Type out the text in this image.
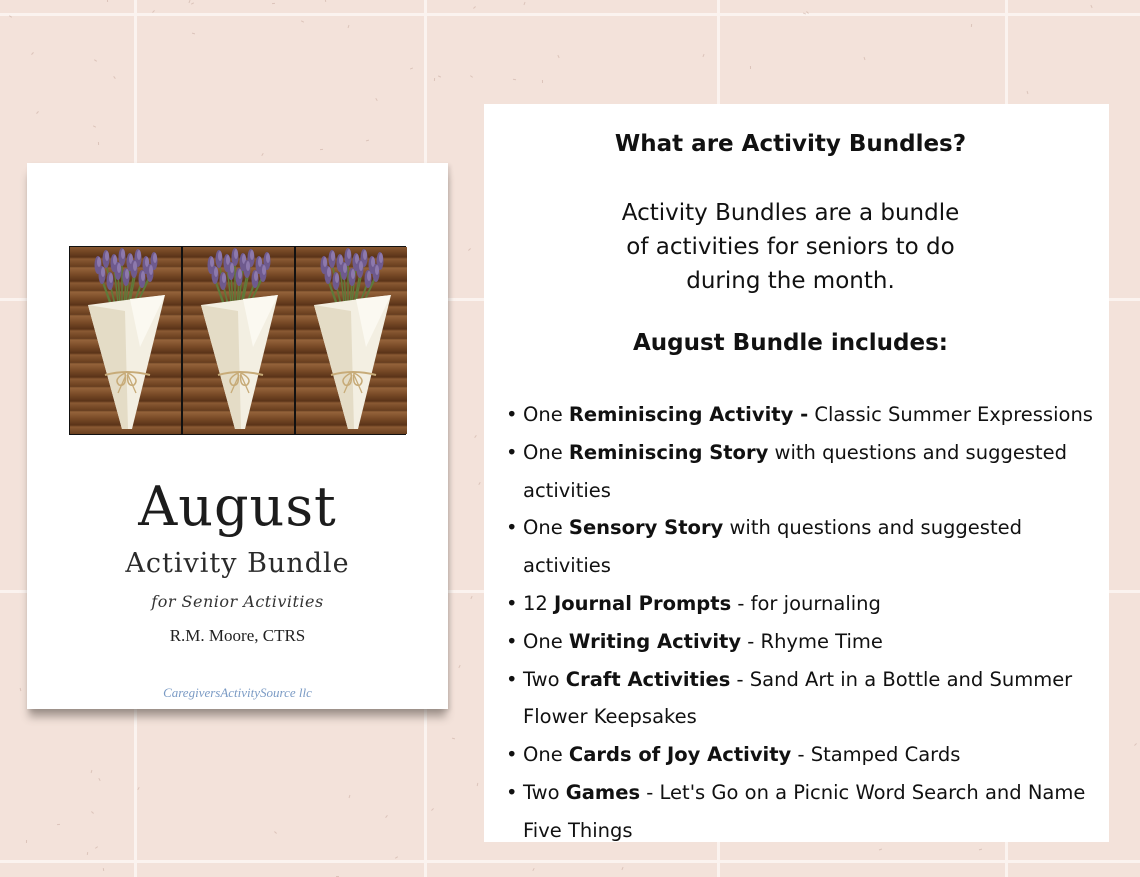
August
Activity Bundle
for Senior Activities
R.M. Moore, CTRS
CaregiversActivitySource llc
What are Activity Bundles?
Activity Bundles are a bundle
of activities for seniors to do
during the month.
August Bundle includes:
• One Reminiscing Activity - Classic Summer Expressions
• One Reminiscing Story with questions and suggested activities
• One Sensory Story with questions and suggested activities
• 12 Journal Prompts - for journaling
• One Writing Activity - Rhyme Time
• Two Craft Activities - Sand Art in a Bottle and Summer Flower Keepsakes
• One Cards of Joy Activity - Stamped Cards
• Two Games - Let's Go on a Picnic Word Search and Name Five Things
